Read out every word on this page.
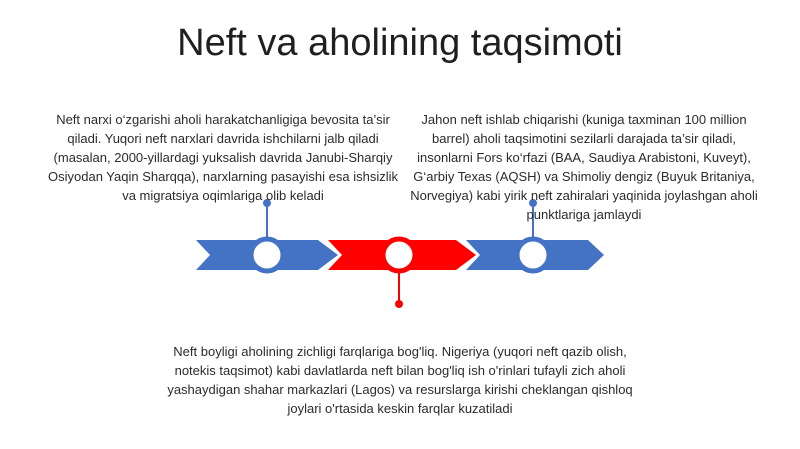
Neft va aholining taqsimoti
Neft narxi o‘zgarishi aholi harakatchanligiga bevosita ta’sir qiladi. Yuqori neft narxlari davrida ishchilarni jalb qiladi (masalan, 2000-yillardagi yuksalish davrida Janubi-Sharqiy Osiyodan Yaqin Sharqqa), narxlarning pasayishi esa ishsizlik va migratsiya oqimlariga olib keladi
Jahon neft ishlab chiqarishi (kuniga taxminan 100 million barrel) aholi taqsimotini sezilarli darajada ta’sir qiladi, insonlarni Fors ko‘rfazi (BAA, Saudiya Arabistoni, Kuveyt), G‘arbiy Texas (AQSH) va Shimoliy dengiz (Buyuk Britaniya, Norvegiya) kabi yirik neft zahiralari yaqinida joylashgan aholi punktlariga jamlaydi
Neft boyligi aholining zichligi farqlariga bog'liq. Nigeriya (yuqori neft qazib olish, notekis taqsimot) kabi davlatlarda neft bilan bog'liq ish o'rinlari tufayli zich aholi yashaydigan shahar markazlari (Lagos) va resurslarga kirishi cheklangan qishloq joylari o'rtasida keskin farqlar kuzatiladi
